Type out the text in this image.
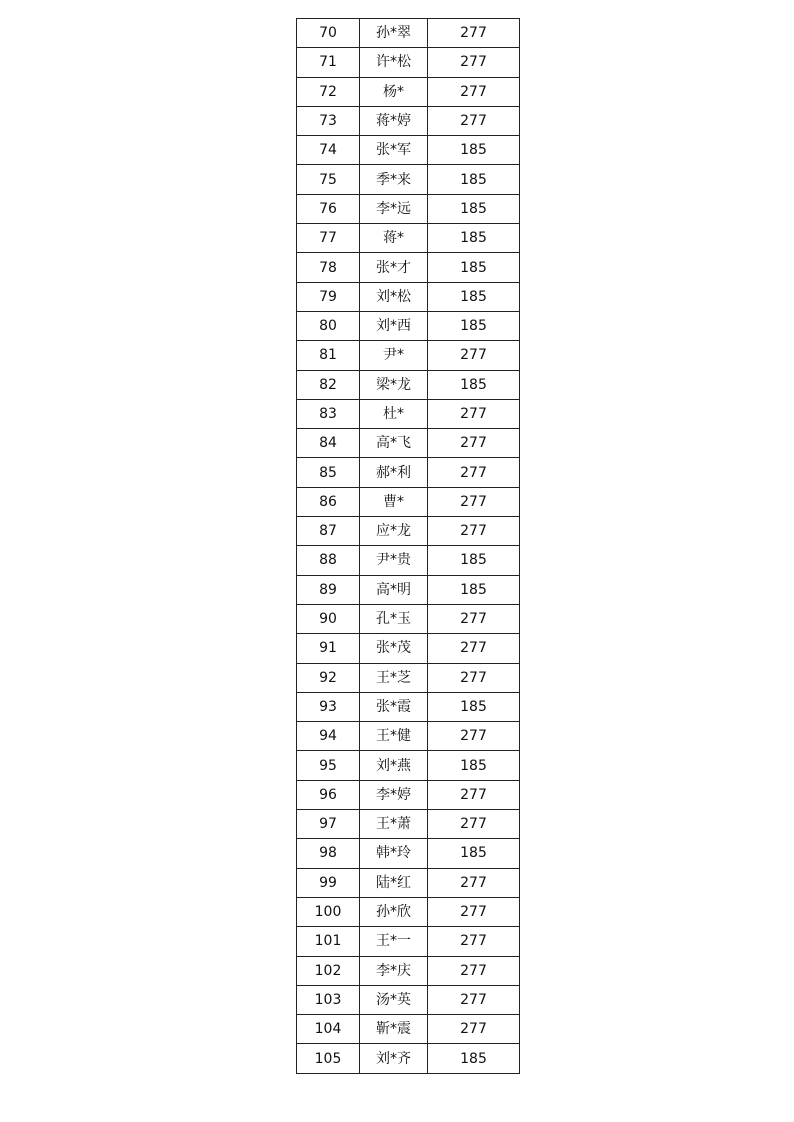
70	孙*翠	277
71	许*松	277
72	杨*	277
73	蒋*婷	277
74	张*军	185
75	季*来	185
76	李*远	185
77	蒋*	185
78	张*才	185
79	刘*松	185
80	刘*西	185
81	尹*	277
82	梁*龙	185
83	杜*	277
84	高*飞	277
85	郝*利	277
86	曹*	277
87	应*龙	277
88	尹*贵	185
89	高*明	185
90	孔*玉	277
91	张*茂	277
92	王*芝	277
93	张*霞	185
94	王*健	277
95	刘*燕	185
96	李*婷	277
97	王*萧	277
98	韩*玲	185
99	陆*红	277
100	孙*欣	277
101	王*一	277
102	李*庆	277
103	汤*英	277
104	靳*震	277
105	刘*齐	185
